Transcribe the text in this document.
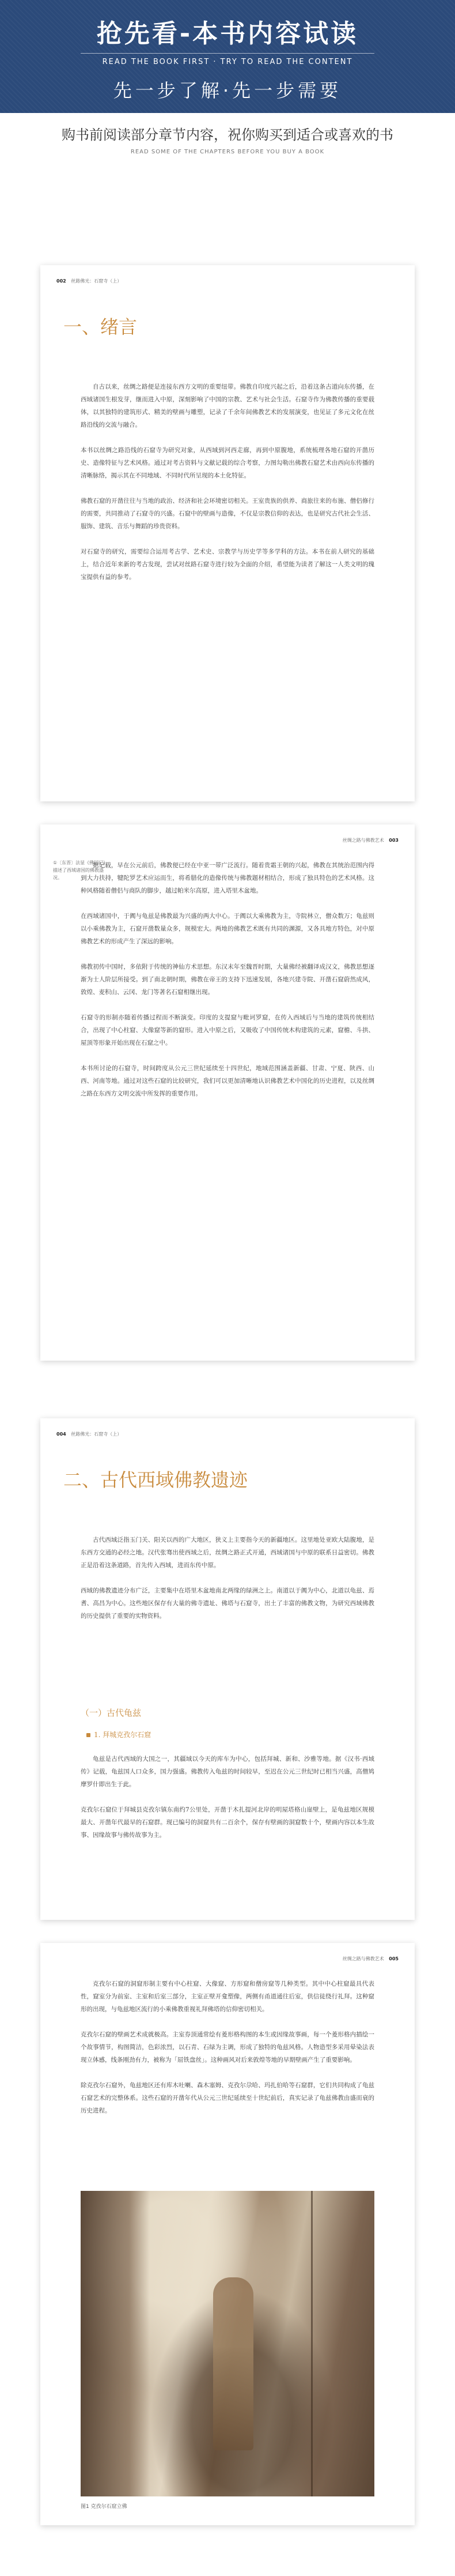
抢先看-本书内容试读
READ THE BOOK FIRST · TRY TO READ THE CONTENT
先一步了解·先一步需要
购书前阅读部分章节内容，祝你购买到适合或喜欢的书
READ SOME OF THE CHAPTERS BEFORE YOU BUY A BOOK
002 丝路佛光：石窟寺（上）
一、绪言
自古以来，丝绸之路便是连接东西方文明的重要纽带。佛教自印度兴起之后，沿着这条古道向东传播，在西域诸国生根发芽，继而进入中原，深刻影响了中国的宗教、艺术与社会生活。石窟寺作为佛教传播的重要载体，以其独特的建筑形式、精美的壁画与雕塑，记录了千余年间佛教艺术的发展演变，也见证了多元文化在丝路沿线的交流与融合。

本书以丝绸之路沿线的石窟寺为研究对象，从西域到河西走廊，再到中原腹地，系统梳理各地石窟的开凿历史、造像特征与艺术风格。通过对考古资料与文献记载的综合考察，力图勾勒出佛教石窟艺术由西向东传播的清晰脉络，揭示其在不同地域、不同时代所呈现的本土化特征。

佛教石窟的开凿往往与当地的政治、经济和社会环境密切相关。王室贵族的供养、商旅往来的布施、僧侣修行的需要，共同推动了石窟寺的兴盛。石窟中的壁画与造像，不仅是宗教信仰的表达，也是研究古代社会生活、服饰、建筑、音乐与舞蹈的珍贵资料。

对石窟寺的研究，需要综合运用考古学、艺术史、宗教学与历史学等多学科的方法。本书在前人研究的基础上，结合近年来新的考古发现，尝试对丝路石窟寺进行较为全面的介绍，希望能为读者了解这一人类文明的瑰宝提供有益的参考。
丝绸之路与佛教艺术 003
①〔东晋〕法显《佛国记》，描述了西域诸国的佛教盛况。
据记载，早在公元前后，佛教便已经在中亚一带广泛流行。随着贵霜王朝的兴起，佛教在其统治范围内得到大力扶持，犍陀罗艺术应运而生，将希腊化的造像传统与佛教题材相结合，形成了独具特色的艺术风格。这种风格随着僧侣与商队的脚步，越过帕米尔高原，进入塔里木盆地。

在西域诸国中，于阗与龟兹是佛教最为兴盛的两大中心。于阗以大乘佛教为主，寺院林立，僧众数万；龟兹则以小乘佛教为主，石窟开凿数量众多，规模宏大。两地的佛教艺术既有共同的渊源，又各具地方特色，对中原佛教艺术的形成产生了深远的影响。

佛教初传中国时，多依附于传统的神仙方术思想。东汉末年至魏晋时期，大量佛经被翻译成汉文，佛教思想逐渐为士人阶层所接受。到了南北朝时期，佛教在帝王的支持下迅速发展，各地兴建寺院、开凿石窟蔚然成风，敦煌、麦积山、云冈、龙门等著名石窟相继出现。

石窟寺的形制亦随着传播过程而不断演变。印度的支提窟与毗诃罗窟，在传入西域后与当地的建筑传统相结合，出现了中心柱窟、大像窟等新的窟形。进入中原之后，又吸收了中国传统木构建筑的元素，窟檐、斗拱、屋顶等形象开始出现在石窟之中。

本书所讨论的石窟寺，时间跨度从公元三世纪延续至十四世纪，地域范围涵盖新疆、甘肃、宁夏、陕西、山西、河南等地。通过对这些石窟的比较研究，我们可以更加清晰地认识佛教艺术中国化的历史进程，以及丝绸之路在东西方文明交流中所发挥的重要作用。
004 丝路佛光：石窟寺（上）
二、古代西域佛教遗迹
古代西域泛指玉门关、阳关以西的广大地区，狭义上主要指今天的新疆地区。这里地处亚欧大陆腹地，是东西方交通的必经之地。汉代张骞出使西域之后，丝绸之路正式开通，西域诸国与中原的联系日益密切。佛教正是沿着这条道路，首先传入西域，进而东传中原。

西域的佛教遗迹分布广泛，主要集中在塔里木盆地南北两缘的绿洲之上。南道以于阗为中心，北道以龟兹、焉耆、高昌为中心。这些地区保存有大量的佛寺遗址、佛塔与石窟寺，出土了丰富的佛教文物，为研究西域佛教的历史提供了重要的实物资料。
（一）古代龟兹
1. 拜城克孜尔石窟
龟兹是古代西域的大国之一，其疆域以今天的库车为中心，包括拜城、新和、沙雅等地。据《汉书·西域传》记载，龟兹国人口众多，国力强盛。佛教传入龟兹的时间较早，至迟在公元三世纪时已相当兴盛，高僧鸠摩罗什即出生于此。

克孜尔石窟位于拜城县克孜尔镇东南约7公里处，开凿于木扎提河北岸的明屋塔格山崖壁上，是龟兹地区规模最大、开凿年代最早的石窟群。现已编号的洞窟共有二百余个，保存有壁画的洞窟数十个，壁画内容以本生故事、因缘故事与佛传故事为主。
丝绸之路与佛教艺术 005
克孜尔石窟的洞窟形制主要有中心柱窟、大像窟、方形窟和僧房窟等几种类型。其中中心柱窟最具代表性，窟室分为前室、主室和后室三部分，主室正壁开龛塑像，两侧有甬道通往后室，供信徒绕行礼拜。这种窟形的出现，与龟兹地区流行的小乘佛教重视礼拜佛塔的信仰密切相关。

克孜尔石窟的壁画艺术成就极高。主室券顶通常绘有菱形格构图的本生或因缘故事画，每一个菱形格内描绘一个故事情节，构图简洁，色彩浓烈，以石青、石绿为主调，形成了独特的龟兹风格。人物造型多采用晕染法表现立体感，线条刚劲有力，被称为「屈铁盘丝」。这种画风对后来敦煌等地的早期壁画产生了重要影响。

除克孜尔石窟外，龟兹地区还有库木吐喇、森木塞姆、克孜尔尕哈、玛扎伯哈等石窟群，它们共同构成了龟兹石窟艺术的完整体系。这些石窟的开凿年代从公元三世纪延续至十世纪前后，真实记录了龟兹佛教由盛而衰的历史进程。
图1 克孜尔石窟立佛
